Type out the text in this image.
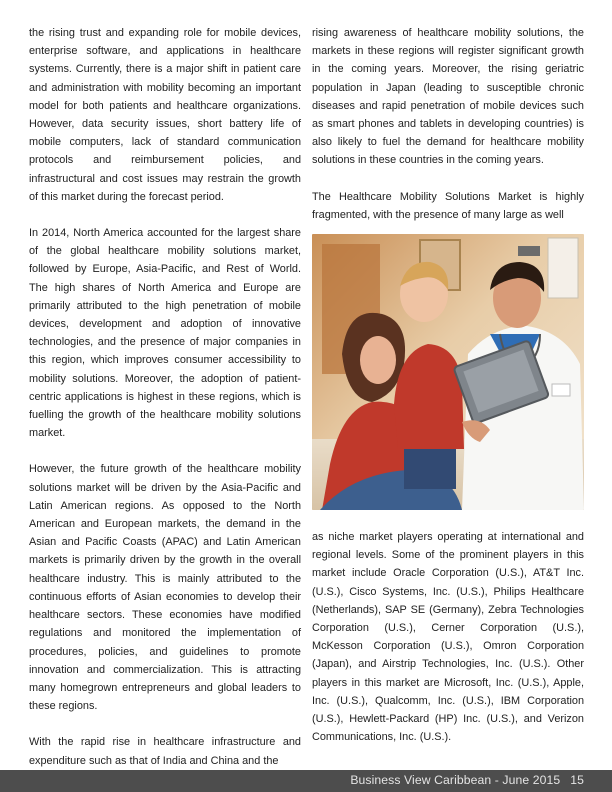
the rising trust and expanding role for mobile devices, enterprise software, and applications in healthcare systems. Currently, there is a major shift in patient care and administration with mobility becoming an important model for both patients and healthcare organizations. However, data security issues, short battery life of mobile computers, lack of standard communication protocols and reimbursement policies, and infrastructural and cost issues may restrain the growth of this market during the forecast period.

In 2014, North America accounted for the largest share of the global healthcare mobility solutions market, followed by Europe, Asia-Pacific, and Rest of World. The high shares of North America and Europe are primarily attributed to the high penetration of mobile devices, development and adoption of innovative technologies, and the presence of major companies in this region, which improves consumer accessibility to mobility solutions. Moreover, the adoption of patient-centric applications is highest in these regions, which is fuelling the growth of the healthcare mobility solutions market.

However, the future growth of the healthcare mobility solutions market will be driven by the Asia-Pacific and Latin American regions. As opposed to the North American and European markets, the demand in the Asian and Pacific Coasts (APAC) and Latin American markets is primarily driven by the growth in the overall healthcare industry. This is mainly attributed to the continuous efforts of Asian economies to develop their healthcare sectors. These economies have modified regulations and monitored the implementation of procedures, policies, and guidelines to promote innovation and commercialization. This is attracting many homegrown entrepreneurs and global leaders to these regions.

With the rapid rise in healthcare infrastructure and expenditure such as that of India and China and the

rising awareness of healthcare mobility solutions, the markets in these regions will register significant growth in the coming years. Moreover, the rising geriatric population in Japan (leading to susceptible chronic diseases and rapid penetration of mobile devices such as smart phones and tablets in developing countries) is also likely to fuel the demand for healthcare mobility solutions in these countries in the coming years.

The Healthcare Mobility Solutions Market is highly fragmented, with the presence of many large as well

as niche market players operating at international and regional levels. Some of the prominent players in this market include Oracle Corporation (U.S.), AT&T Inc. (U.S.), Cisco Systems, Inc. (U.S.), Philips Healthcare (Netherlands), SAP SE (Germany), Zebra Technologies Corporation (U.S.), Cerner Corporation (U.S.), McKesson Corporation (U.S.), Omron Corporation (Japan), and Airstrip Technologies, Inc. (U.S.). Other players in this market are Microsoft, Inc. (U.S.), Apple, Inc. (U.S.), Qualcomm, Inc. (U.S.), IBM Corporation (U.S.), Hewlett-Packard (HP) Inc. (U.S.), and Verizon Communications, Inc. (U.S.).

Business View Caribbean - June 2015 15
